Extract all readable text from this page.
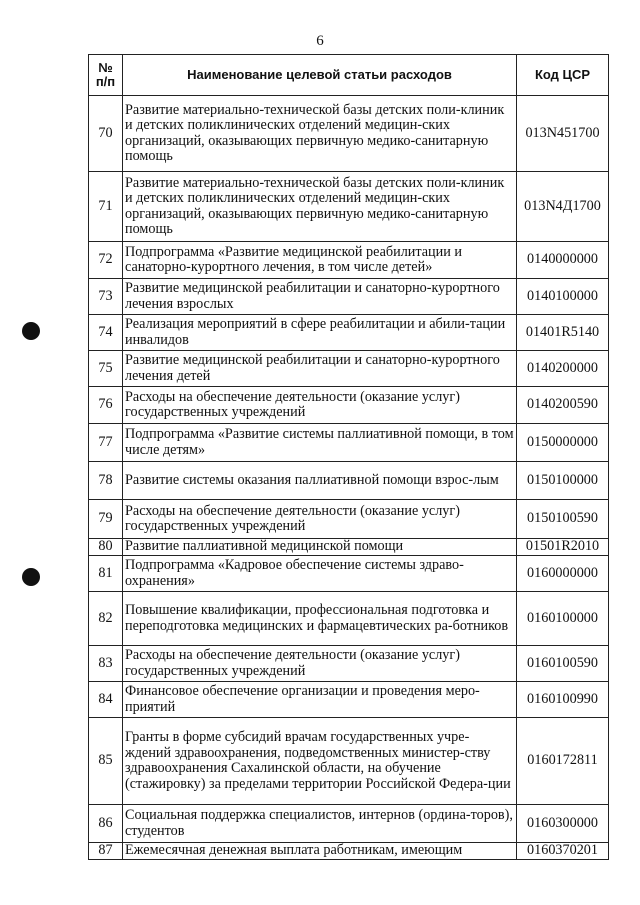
6
№ п/п	Наименование целевой статьи расходов	Код ЦСР
70	Развитие материально-технической базы детских поли-клиник и детских поликлинических отделений медицин-ских организаций, оказывающих первичную медико-санитарную помощь	013N451700
71	Развитие материально-технической базы детских поли-клиник и детских поликлинических отделений медицин-ских организаций, оказывающих первичную медико-санитарную помощь	013N4Д1700
72	Подпрограмма «Развитие медицинской реабилитации и санаторно-курортного лечения, в том числе детей»	0140000000
73	Развитие медицинской реабилитации и санаторно-курортного лечения взрослых	0140100000
74	Реализация мероприятий в сфере реабилитации и абили-тации инвалидов	01401R5140
75	Развитие медицинской реабилитации и санаторно-курортного лечения детей	0140200000
76	Расходы на обеспечение деятельности (оказание услуг) государственных учреждений	0140200590
77	Подпрограмма «Развитие системы паллиативной помощи, в том числе детям»	0150000000
78	Развитие системы оказания паллиативной помощи взрос-лым	0150100000
79	Расходы на обеспечение деятельности (оказание услуг) государственных учреждений	0150100590
80	Развитие паллиативной медицинской помощи	01501R2010
81	Подпрограмма «Кадровое обеспечение системы здраво-охранения»	0160000000
82	Повышение квалификации, профессиональная подготовка и переподготовка медицинских и фармацевтических ра-ботников	0160100000
83	Расходы на обеспечение деятельности (оказание услуг) государственных учреждений	0160100590
84	Финансовое обеспечение организации и проведения меро-приятий	0160100990
85	Гранты в форме субсидий врачам государственных учре-ждений здравоохранения, подведомственных министер-ству здравоохранения Сахалинской области, на обучение (стажировку) за пределами территории Российской Федера-ции	0160172811
86	Социальная поддержка специалистов, интернов (ордина-торов), студентов	0160300000
87	Ежемесячная денежная выплата работникам, имеющим	0160370201
